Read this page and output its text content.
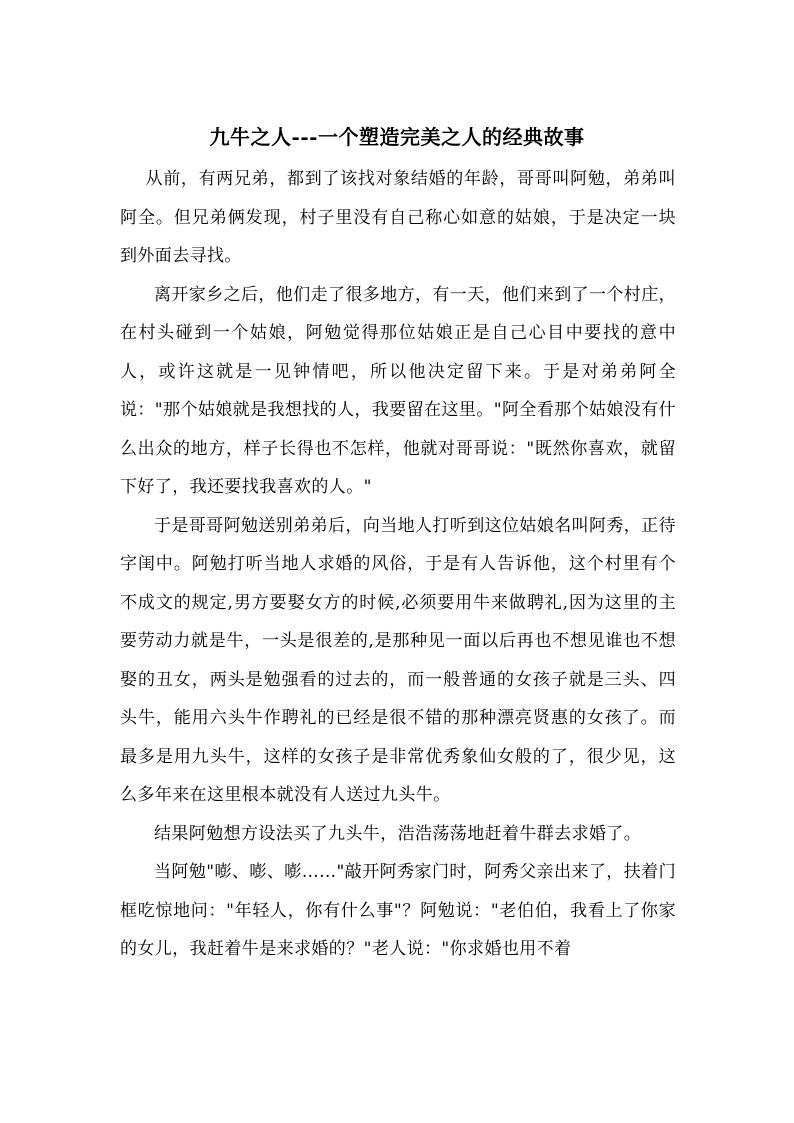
九牛之人---一个塑造完美之人的经典故事

从前，有两兄弟，都到了该找对象结婚的年龄，哥哥叫阿勉，弟弟叫阿全。但兄弟俩发现，村子里没有自己称心如意的姑娘，于是决定一块到外面去寻找。

离开家乡之后，他们走了很多地方，有一天，他们来到了一个村庄，在村头碰到一个姑娘，阿勉觉得那位姑娘正是自己心目中要找的意中人，或许这就是一见钟情吧，所以他决定留下来。于是对弟弟阿全说："那个姑娘就是我想找的人，我要留在这里。"阿全看那个姑娘没有什么出众的地方，样子长得也不怎样，他就对哥哥说："既然你喜欢，就留下好了，我还要找我喜欢的人。"

于是哥哥阿勉送别弟弟后，向当地人打听到这位姑娘名叫阿秀，正待字闺中。阿勉打听当地人求婚的风俗，于是有人告诉他，这个村里有个不成文的规定,男方要娶女方的时候,必须要用牛来做聘礼,因为这里的主要劳动力就是牛，一头是很差的,是那种见一面以后再也不想见谁也不想娶的丑女，两头是勉强看的过去的，而一般普通的女孩子就是三头、四头牛，能用六头牛作聘礼的已经是很不错的那种漂亮贤惠的女孩了。而最多是用九头牛，这样的女孩子是非常优秀象仙女般的了，很少见，这么多年来在这里根本就没有人送过九头牛。

结果阿勉想方设法买了九头牛，浩浩荡荡地赶着牛群去求婚了。

当阿勉"嘭、嘭、嘭……"敲开阿秀家门时，阿秀父亲出来了，扶着门框吃惊地问："年轻人，你有什么事"？阿勉说："老伯伯，我看上了你家的女儿，我赶着牛是来求婚的？"老人说："你求婚也用不着
